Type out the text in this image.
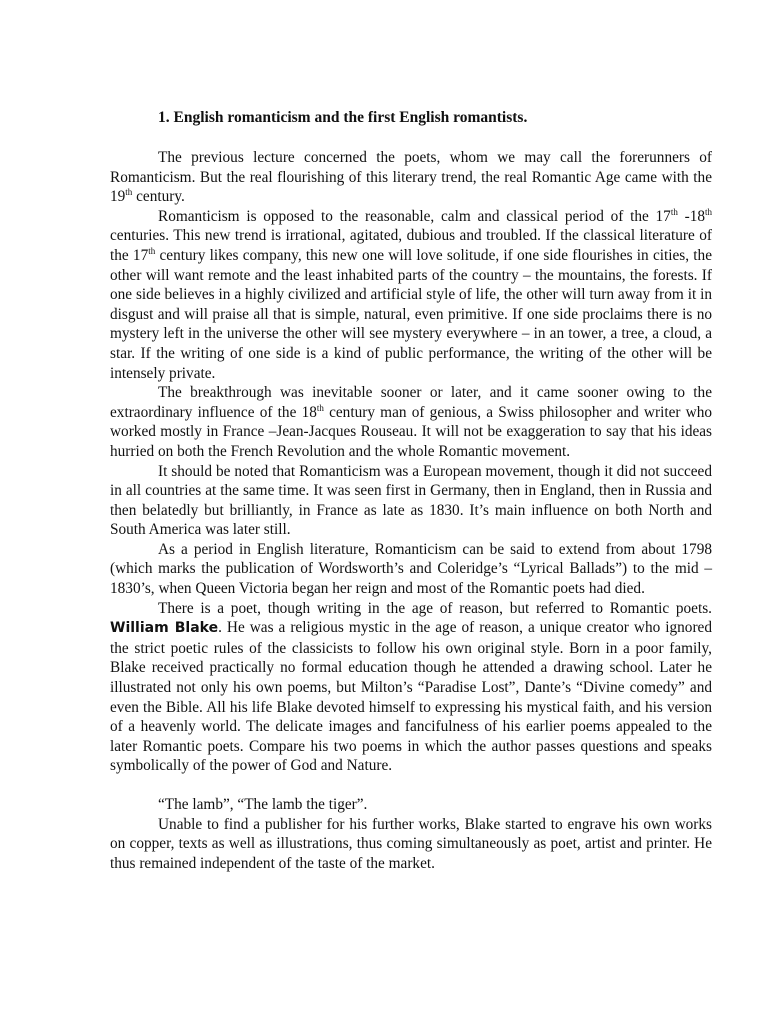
1. English romanticism and the first English romantists.

The previous lecture concerned the poets, whom we may call the forerunners of Romanticism. But the real flourishing of this literary trend, the real Romantic Age came with the 19th century.

Romanticism is opposed to the reasonable, calm and classical period of the 17th -18th centuries. This new trend is irrational, agitated, dubious and troubled. If the classical literature of the 17th century likes company, this new one will love solitude, if one side flourishes in cities, the other will want remote and the least inhabited parts of the country – the mountains, the forests. If one side believes in a highly civilized and artificial style of life, the other will turn away from it in disgust and will praise all that is simple, natural, even primitive. If one side proclaims there is no mystery left in the universe the other will see mystery everywhere – in an tower, a tree, a cloud, a star. If the writing of one side is a kind of public performance, the writing of the other will be intensely private.

The breakthrough was inevitable sooner or later, and it came sooner owing to the extraordinary influence of the 18th century man of genious, a Swiss philosopher and writer who worked mostly in France –Jean-Jacques Rouseau. It will not be exaggeration to say that his ideas hurried on both the French Revolution and the whole Romantic movement.

It should be noted that Romanticism was a European movement, though it did not succeed in all countries at the same time. It was seen first in Germany, then in England, then in Russia and then belatedly but brilliantly, in France as late as 1830. It’s main influence on both North and South America was later still.

As a period in English literature, Romanticism can be said to extend from about 1798 (which marks the publication of Wordsworth’s and Coleridge’s “Lyrical Ballads”) to the mid – 1830’s, when Queen Victoria began her reign and most of the Romantic poets had died.

There is a poet, though writing in the age of reason, but referred to Romantic poets. William Blake. He was a religious mystic in the age of reason, a unique creator who ignored the strict poetic rules of the classicists to follow his own original style. Born in a poor family, Blake received practically no formal education though he attended a drawing school. Later he illustrated not only his own poems, but Milton’s “Paradise Lost”, Dante’s “Divine comedy” and even the Bible. All his life Blake devoted himself to expressing his mystical faith, and his version of a heavenly world. The delicate images and fancifulness of his earlier poems appealed to the later Romantic poets. Compare his two poems in which the author passes questions and speaks symbolically of the power of God and Nature.

“The lamb”, “The lamb the tiger”.

Unable to find a publisher for his further works, Blake started to engrave his own works on copper, texts as well as illustrations, thus coming simultaneously as poet, artist and printer. He thus remained independent of the taste of the market.
